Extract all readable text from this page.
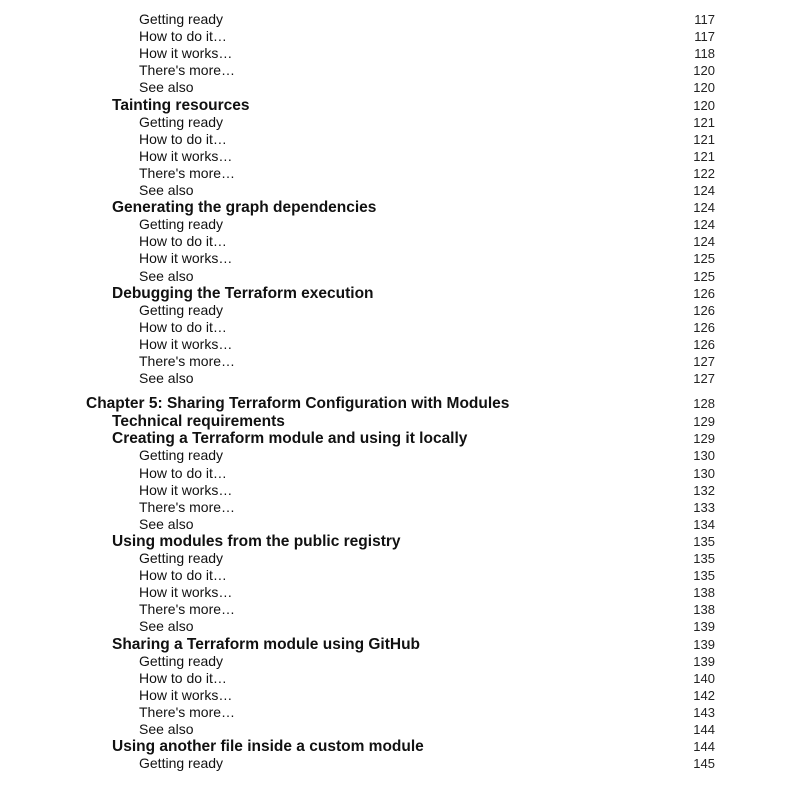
Getting ready	117
How to do it…	117
How it works…	118
There's more…	120
See also	120
Tainting resources	120
Getting ready	121
How to do it…	121
How it works…	121
There's more…	122
See also	124
Generating the graph dependencies	124
Getting ready	124
How to do it…	124
How it works…	125
See also	125
Debugging the Terraform execution	126
Getting ready	126
How to do it…	126
How it works…	126
There's more…	127
See also	127
Chapter 5: Sharing Terraform Configuration with Modules	128
Technical requirements	129
Creating a Terraform module and using it locally	129
Getting ready	130
How to do it…	130
How it works…	132
There's more…	133
See also	134
Using modules from the public registry	135
Getting ready	135
How to do it…	135
How it works…	138
There's more…	138
See also	139
Sharing a Terraform module using GitHub	139
Getting ready	139
How to do it…	140
How it works…	142
There's more…	143
See also	144
Using another file inside a custom module	144
Getting ready	145
